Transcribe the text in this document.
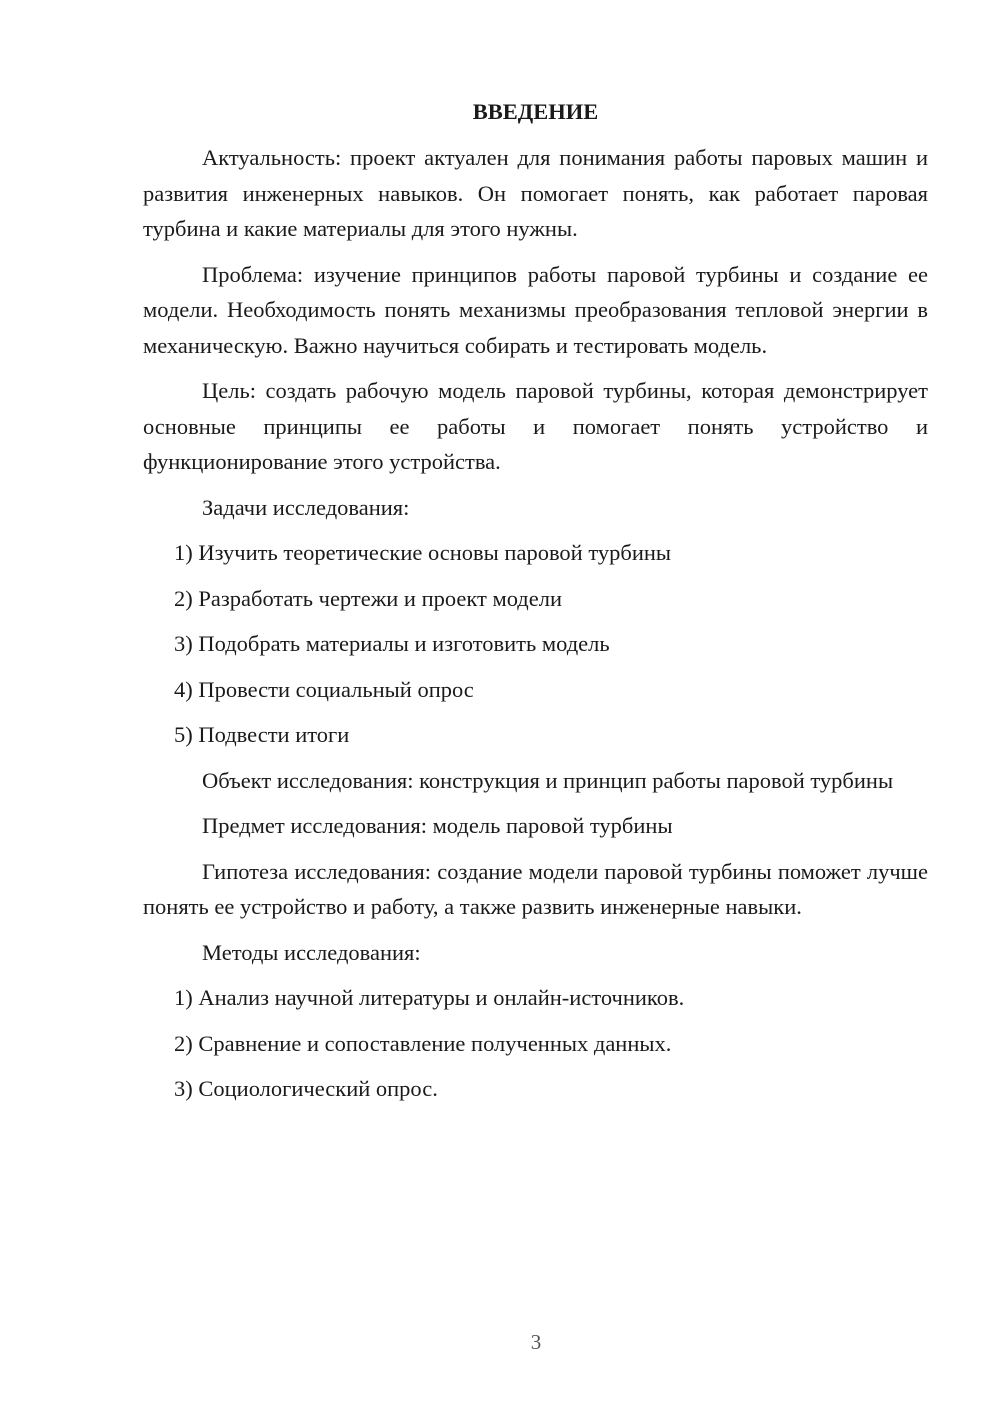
ВВЕДЕНИЕ

Актуальность: проект актуален для понимания работы паровых машин и развития инженерных навыков. Он помогает понять, как работает паровая турбина и какие материалы для этого нужны.

Проблема: изучение принципов работы паровой турбины и создание ее модели. Необходимость понять механизмы преобразования тепловой энергии в механическую. Важно научиться собирать и тестировать модель.

Цель: создать рабочую модель паровой турбины, которая демонстрирует основные принципы ее работы и помогает понять устройство и функционирование этого устройства.

Задачи исследования:

1) Изучить теоретические основы паровой турбины
2) Разработать чертежи и проект модели
3) Подобрать материалы и изготовить модель
4) Провести социальный опрос
5) Подвести итоги

Объект исследования: конструкция и принцип работы паровой турбины

Предмет исследования: модель паровой турбины

Гипотеза исследования: создание модели паровой турбины поможет лучше понять ее устройство и работу, а также развить инженерные навыки.

Методы исследования:

1) Анализ научной литературы и онлайн-источников.
2) Сравнение и сопоставление полученных данных.
3) Социологический опрос.
3
